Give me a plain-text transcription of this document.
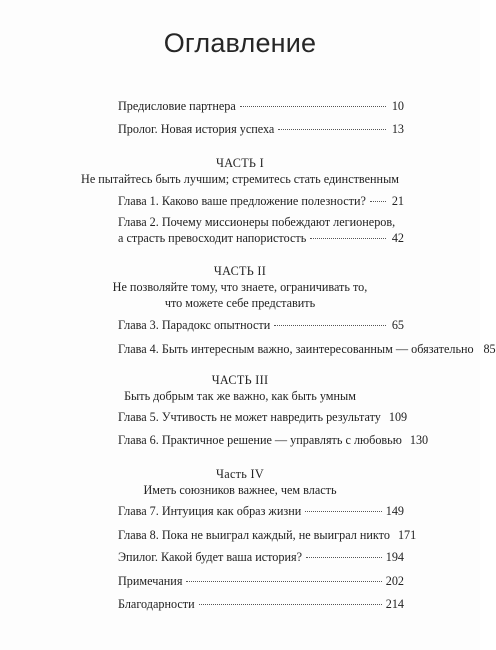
Оглавление
Предисловие партнера	10
Пролог. Новая история успеха	13
ЧАСТЬ I
Не пытайтесь быть лучшим; стремитесь стать единственным
Глава 1. Каково ваше предложение полезности? 21
Глава 2. Почему миссионеры побеждают легионеров,
а страсть превосходит напористость	42
ЧАСТЬ II
Не позволяйте тому, что знаете, ограничивать то,
что можете себе представить
Глава 3. Парадокс опытности	65
Глава 4. Быть интересным важно, заинтересованным — обязательно 85
ЧАСТЬ III
Быть добрым так же важно, как быть умным
Глава 5. Учтивость не может навредить результату 109
Глава 6. Практичное решение — управлять с любовью 130
Часть IV
Иметь союзников важнее, чем власть
Глава 7. Интуиция как образ жизни	149
Глава 8. Пока не выиграл каждый, не выиграл никто 171
Эпилог. Какой будет ваша история?	194
Примечания	202
Благодарности	214
